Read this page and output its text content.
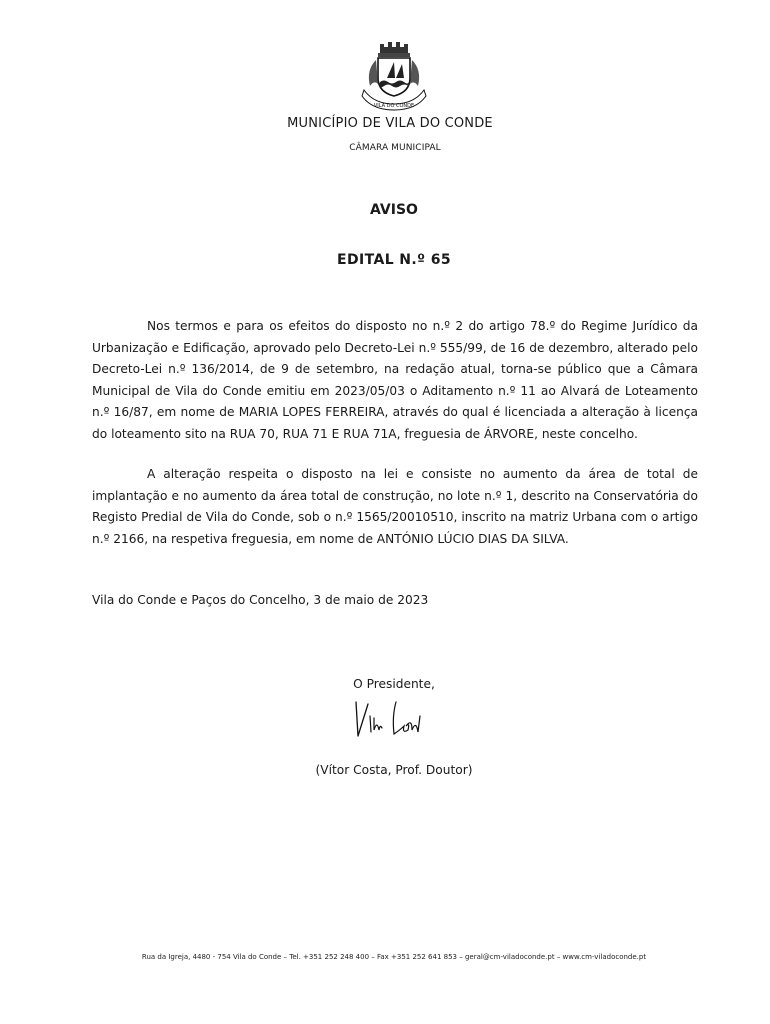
VILA DO CONDE
MUNICÍPIO DE VILA DO CONDE
CÂMARA MUNICIPAL
AVISO
EDITAL N.º 65

Nos termos e para os efeitos do disposto no n.º 2 do artigo 78.º do Regime Jurídico da Urbanização e Edificação, aprovado pelo Decreto-Lei n.º 555/99, de 16 de dezembro, alterado pelo Decreto-Lei n.º 136/2014, de 9 de setembro, na redação atual, torna-se público que a Câmara Municipal de Vila do Conde emitiu em 2023/05/03 o Aditamento n.º 11 ao Alvará de Loteamento n.º 16/87, em nome de MARIA LOPES FERREIRA, através do qual é licenciada a alteração à licença do loteamento sito na RUA 70, RUA 71 E RUA 71A, freguesia de ÁRVORE, neste concelho.

A alteração respeita o disposto na lei e consiste no aumento da área de total de implantação e no aumento da área total de construção, no lote n.º 1, descrito na Conservatória do Registo Predial de Vila do Conde, sob o n.º 1565/20010510, inscrito na matriz Urbana com o artigo n.º 2166, na respetiva freguesia, em nome de ANTÓNIO LÚCIO DIAS DA SILVA.

Vila do Conde e Paços do Concelho, 3 de maio de 2023
O Presidente,
(Vítor Costa, Prof. Doutor)
Rua da Igreja, 4480 - 754 Vila do Conde – Tel. +351 252 248 400 – Fax +351 252 641 853 – geral@cm-viladoconde.pt – www.cm-viladoconde.pt
